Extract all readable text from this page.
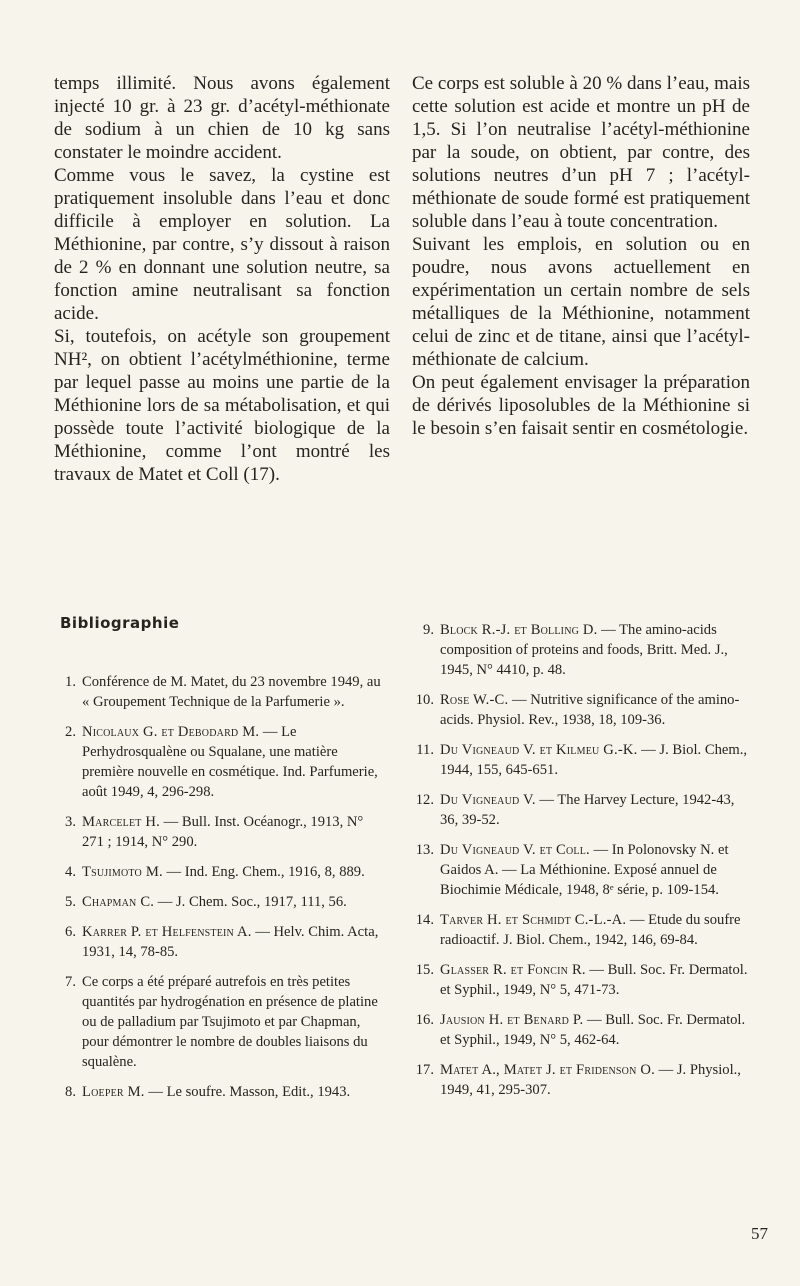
temps illimité. Nous avons également injecté 10 gr. à 23 gr. d’acétyl-méthionate de sodium à un chien de 10 kg sans constater le moindre accident.

Comme vous le savez, la cystine est pratiquement insoluble dans l’eau et donc difficile à employer en solution. La Méthionine, par contre, s’y dissout à raison de 2 % en donnant une solution neutre, sa fonction amine neutralisant sa fonction acide.

Si, toutefois, on acétyle son groupement NH², on obtient l’acétylméthionine, terme par lequel passe au moins une partie de la Méthionine lors de sa métabolisation, et qui possède toute l’activité biologique de la Méthionine, comme l’ont montré les travaux de Matet et Coll (17).

Ce corps est soluble à 20 % dans l’eau, mais cette solution est acide et montre un pH de 1,5. Si l’on neutralise l’acétyl-méthionine par la soude, on obtient, par contre, des solutions neutres d’un pH 7 ; l’acétyl-méthionate de soude formé est pratiquement soluble dans l’eau à toute concentration.

Suivant les emplois, en solution ou en poudre, nous avons actuellement en expérimentation un certain nombre de sels métalliques de la Méthionine, notamment celui de zinc et de titane, ainsi que l’acétyl-méthionate de calcium.

On peut également envisager la préparation de dérivés liposolubles de la Méthionine si le besoin s’en faisait sentir en cosmétologie.

Bibliographie
1. Conférence de M. Matet, du 23 novembre 1949, au « Groupement Technique de la Parfumerie ».
2. Nicolaux G. et Debodard M. — Le Perhydrosqualène ou Squalane, une matière première nouvelle en cosmétique. Ind. Parfumerie, août 1949, 4, 296-298.
3. Marcelet H. — Bull. Inst. Océanogr., 1913, N° 271 ; 1914, N° 290.
4. Tsujimoto M. — Ind. Eng. Chem., 1916, 8, 889.
5. Chapman C. — J. Chem. Soc., 1917, 111, 56.
6. Karrer P. et Helfenstein A. — Helv. Chim. Acta, 1931, 14, 78-85.
7. Ce corps a été préparé autrefois en très petites quantités par hydrogénation en présence de platine ou de palladium par Tsujimoto et par Chapman, pour démontrer le nombre de doubles liaisons du squalène.
8. Loeper M. — Le soufre. Masson, Edit., 1943.
9. Block R.-J. et Bolling D. — The amino-acids composition of proteins and foods, Britt. Med. J., 1945, N° 4410, p. 48.
10. Rose W.-C. — Nutritive significance of the amino-acids. Physiol. Rev., 1938, 18, 109-36.
11. Du Vigneaud V. et Kilmeu G.-K. — J. Biol. Chem., 1944, 155, 645-651.
12. Du Vigneaud V. — The Harvey Lecture, 1942-43, 36, 39-52.
13. Du Vigneaud V. et Coll. — In Polonovsky N. et Gaidos A. — La Méthionine. Exposé annuel de Biochimie Médicale, 1948, 8ᵉ série, p. 109-154.
14. Tarver H. et Schmidt C.-L.-A. — Etude du soufre radioactif. J. Biol. Chem., 1942, 146, 69-84.
15. Glasser R. et Foncin R. — Bull. Soc. Fr. Dermatol. et Syphil., 1949, N° 5, 471-73.
16. Jausion H. et Benard P. — Bull. Soc. Fr. Dermatol. et Syphil., 1949, N° 5, 462-64.
17. Matet A., Matet J. et Fridenson O. — J. Physiol., 1949, 41, 295-307.

57
